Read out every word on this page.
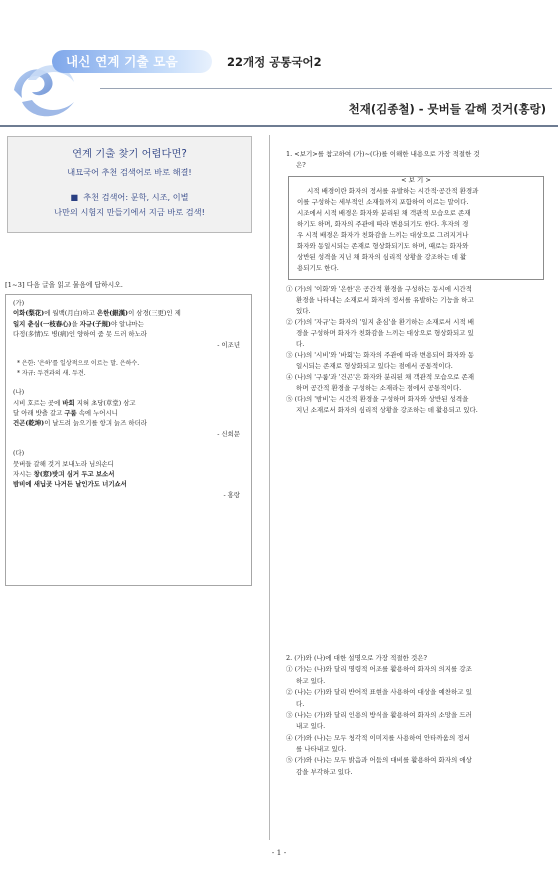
내신 연계 기출 모음	22개정 공통국어2
천재(김종철) - 뭇버들 갈해 것거(홍랑)
연계 기출 찾기 어렵다면?
내묘국어 추천 검색어로 바로 해결!
■ 추천 검색어: 문학, 시조, 이별
나만의 시험지 만들기에서 지금 바로 검색!
[1~3] 다음 글을 읽고 물음에 답하시오.
(가)
이화(梨花)에 월백(月白)하고 은한(銀漢)이 삼경(三更)인 제
일지 춘심(一枝春心)을 자규(子規)야 알냐마는
다정(多情)도 병(病)인 양하여 줌 못 드러 하노라
- 이조년
* 은한: '은하'를 일상적으로 이르는 말. 은하수.
* 자규: 두견과의 새. 두견.
(나)
시비 호르는 곳에 바회 지혀 초당(草堂) 삼고
달 아래 밧츨 갈고 구룸 속에 누어시니
건곤(乾坤)이 날드려 늙으기를 항긔 늙즈 하더라
- 신희문
(다)
뭇버들 갈해 것거 보내노라 님의손디
자시는 창(窓)밧긔 심거 두고 보소서
밤비에 새닙곳 나거든 날인가도 너기쇼서
- 홍랑
1. <보기>를 참고하여 (가)~(다)를 이해한 내용으로 가장 적절한 것
은?
< 보 기 >
시적 배경이란 화자의 정서를 유발하는 시간적·공간적 환경과
이를 구성하는 세부적인 소재들까지 포함하여 이르는 말이다.
시조에서 시적 배경은 화자와 분리된 채 객관적 모습으로 존재
하기도 하며, 화자의 주관에 따라 변용되기도 한다. 후자의 경
우 시적 배경은 화자가 친화감을 느끼는 대상으로 그려지거나
화자와 동일시되는 존재로 형상화되기도 하며, 때로는 화자와
상반된 성격을 지닌 채 화자의 심리적 상황을 강조하는 데 활
용되기도 한다.
① (가)의 '이화'와 '은한'은 공간적 환경을 구성하는 동시에 시간적
환경을 나타내는 소재로서 화자의 정서를 유발하는 기능을 하고
있다.
② (가)의 '자규'는 화자의 '일지 춘심'을 환기하는 소재로서 시적 배
경을 구성하며 화자가 친화감을 느끼는 대상으로 형상화되고 있
다.
③ (나)의 '시비'와 '바회'는 화자의 주관에 따라 변용되어 화자와 동
일시되는 존재로 형상화되고 있다는 점에서 공통적이다.
④ (나)의 '구룸'과 '건곤'은 화자와 분리된 채 객관적 모습으로 존재
하며 공간적 환경을 구성하는 소재라는 점에서 공통적이다.
⑤ (다)의 '밤비'는 시간적 환경을 구성하며 화자와 상반된 성격을
지닌 소재로서 화자의 심리적 상황을 강조하는 데 활용되고 있다.
2. (가)와 (나)에 대한 설명으로 가장 적절한 것은?
① (가)는 (나)와 달리 명령적 어조를 활용하여 화자의 의지를 강조
하고 있다.
② (나)는 (가)와 달리 반어적 표현을 사용하여 대상을 예찬하고 있
다.
③ (나)는 (가)와 달리 인용의 방식을 활용하여 화자의 소망을 드러
내고 있다.
④ (가)와 (나)는 모두 청각적 이미지를 사용하여 안타까움의 정서
를 나타내고 있다.
⑤ (가)와 (나)는 모두 밝음과 어둠의 대비를 활용하여 화자의 애상
감을 부각하고 있다.
- 1 -
